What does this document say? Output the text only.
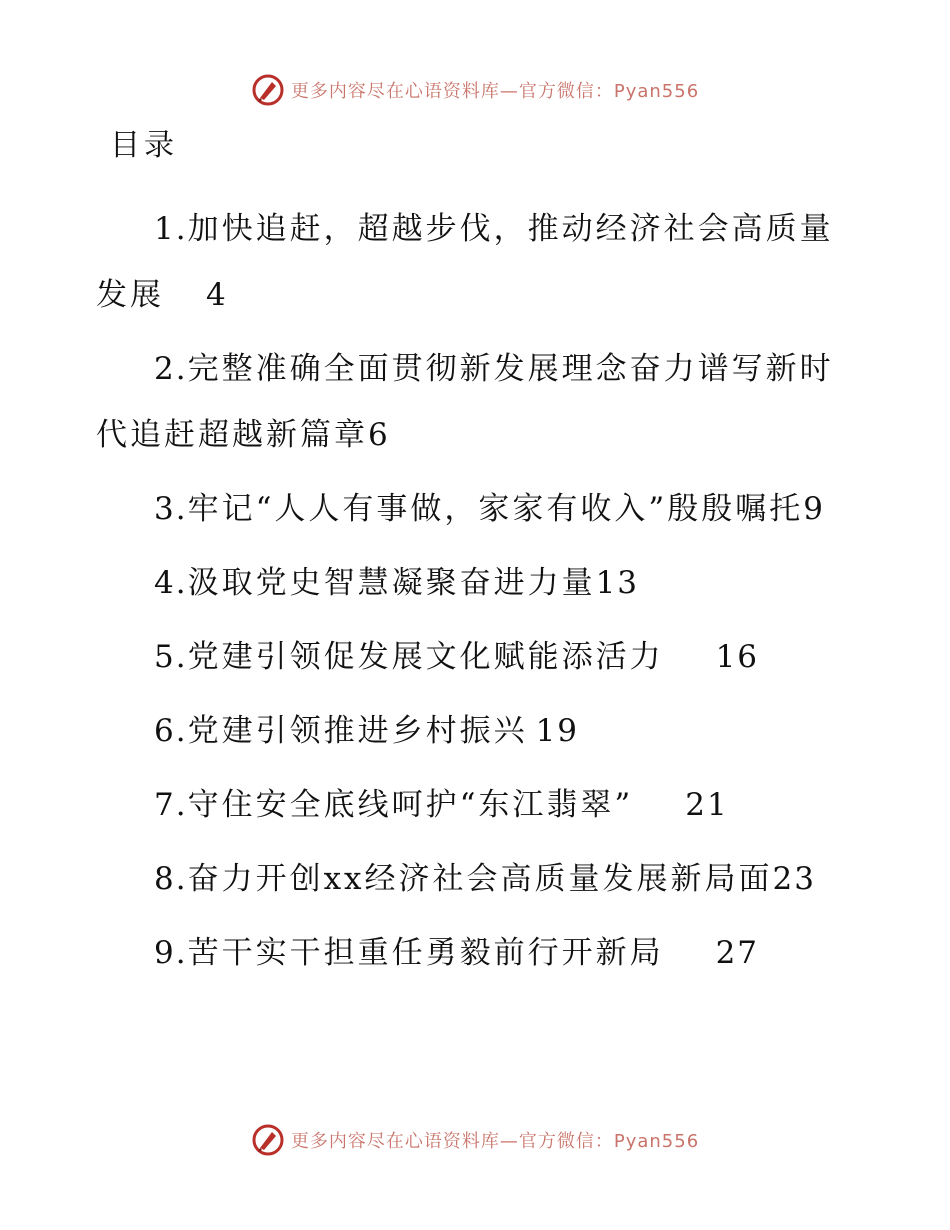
更多内容尽在心语资料库—官方微信：Pyan556
目录
1.加快追赶，超越步伐，推动经济社会高质量发展 4
2.完整准确全面贯彻新发展理念奋力谱写新时代追赶超越新篇章6
3.牢记“人人有事做，家家有收入”殷殷嘱托9
4.汲取党史智慧凝聚奋进力量13
5.党建引领促发展文化赋能添活力 16
6.党建引领推进乡村振兴 19
7.守住安全底线呵护“东江翡翠” 21
8.奋力开创xx经济社会高质量发展新局面23
9.苦干实干担重任勇毅前行开新局 27
更多内容尽在心语资料库—官方微信：Pyan556
